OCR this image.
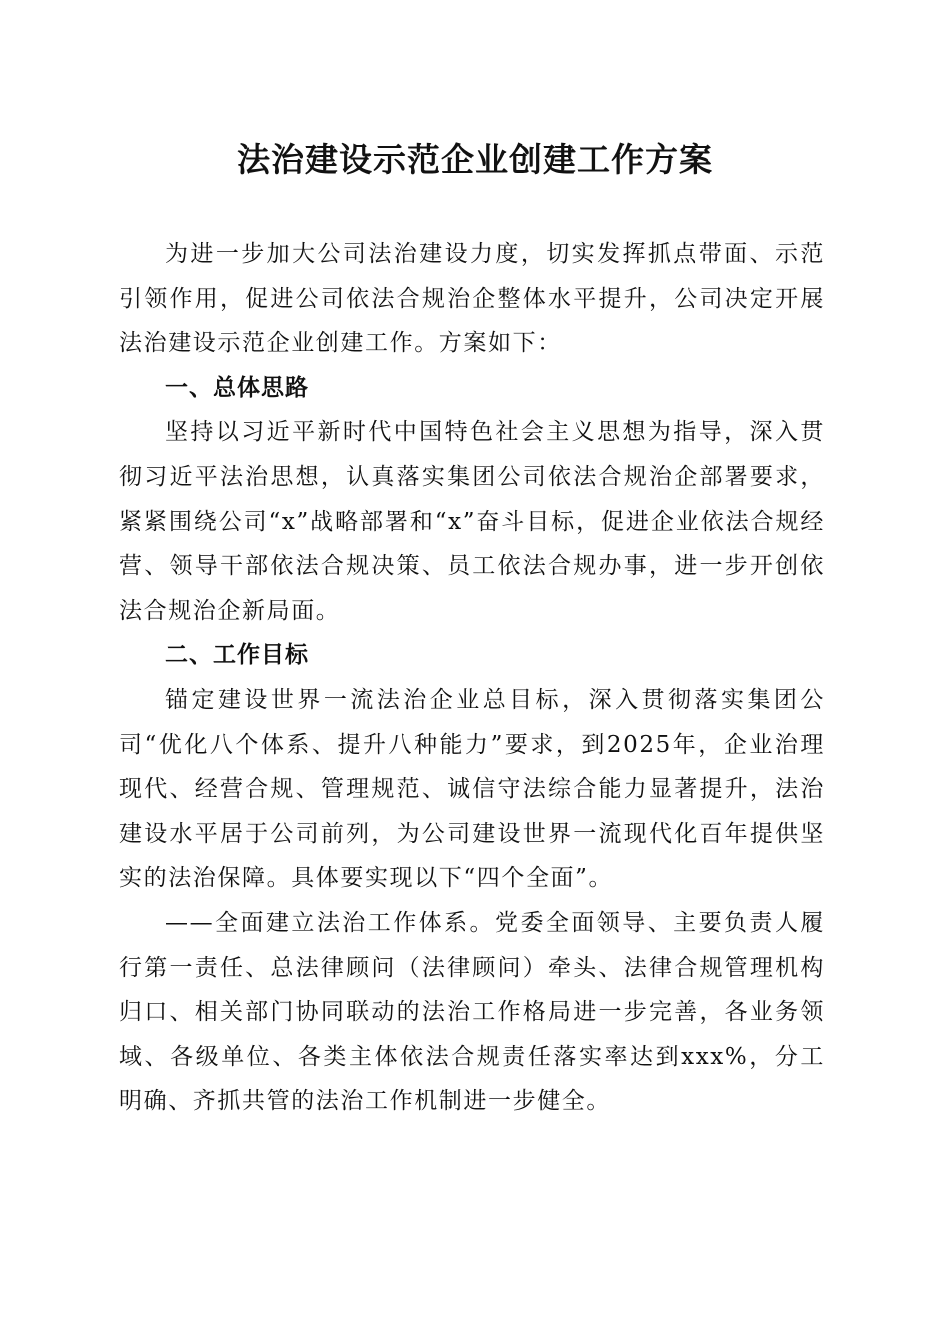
法治建设示范企业创建工作方案

为进一步加大公司法治建设力度，切实发挥抓点带面、示范引领作用，促进公司依法合规治企整体水平提升，公司决定开展法治建设示范企业创建工作。方案如下：

一、总体思路

坚持以习近平新时代中国特色社会主义思想为指导，深入贯彻习近平法治思想，认真落实集团公司依法合规治企部署要求，紧紧围绕公司“x”战略部署和“x”奋斗目标，促进企业依法合规经营、领导干部依法合规决策、员工依法合规办事，进一步开创依法合规治企新局面。

二、工作目标

锚定建设世界一流法治企业总目标，深入贯彻落实集团公司“优化八个体系、提升八种能力”要求，到2025年，企业治理现代、经营合规、管理规范、诚信守法综合能力显著提升，法治建设水平居于公司前列，为公司建设世界一流现代化百年提供坚实的法治保障。具体要实现以下“四个全面”。

——全面建立法治工作体系。党委全面领导、主要负责人履行第一责任、总法律顾问（法律顾问）牵头、法律合规管理机构归口、相关部门协同联动的法治工作格局进一步完善，各业务领域、各级单位、各类主体依法合规责任落实率达到xxx%，分工明确、齐抓共管的法治工作机制进一步健全。
